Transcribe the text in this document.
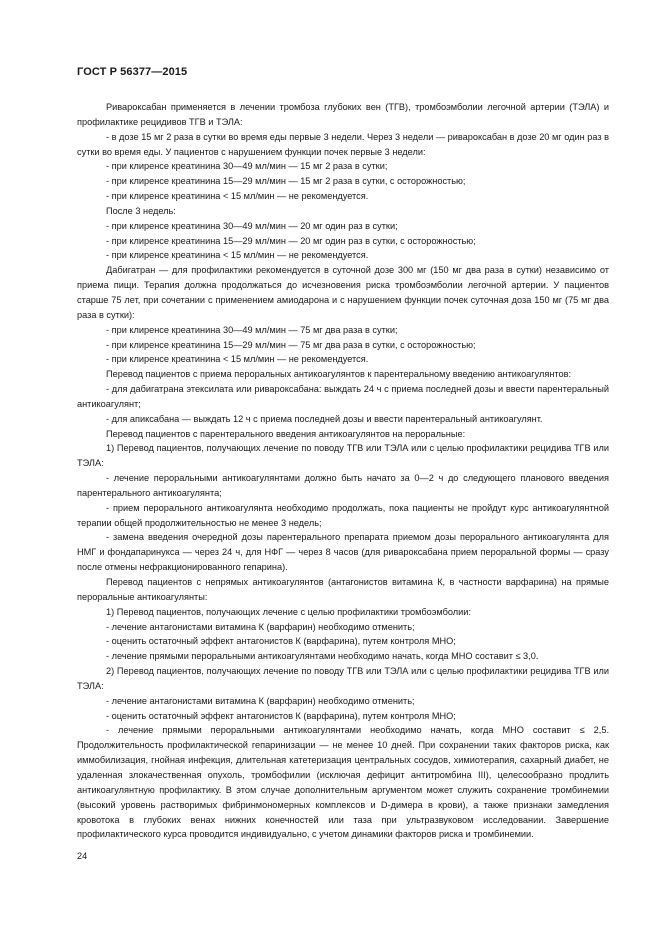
ГОСТ Р 56377—2015

Ривароксабан применяется в лечении тромбоза глубоких вен (ТГВ), тромбоэмболии легочной артерии (ТЭЛА) и профилактике рецидивов ТГВ и ТЭЛА:

- в дозе 15 мг 2 раза в сутки во время еды первые 3 недели. Через 3 недели — ривароксабан в дозе 20 мг один раз в сутки во время еды. У пациентов с нарушением функции почек первые 3 недели:

- при клиренсе креатинина 30—49 мл/мин — 15 мг 2 раза в сутки;

- при клиренсе креатинина 15—29 мл/мин — 15 мг 2 раза в сутки, с осторожностью;

- при клиренсе креатинина < 15 мл/мин — не рекомендуется.

После 3 недель:

- при клиренсе креатинина 30—49 мл/мин — 20 мг один раз в сутки;

- при клиренсе креатинина 15—29 мл/мин — 20 мг один раз в сутки, с осторожностью;

- при клиренсе креатинина < 15 мл/мин — не рекомендуется.

Дабигатран — для профилактики рекомендуется в суточной дозе 300 мг (150 мг два раза в сутки) независимо от приема пищи. Терапия должна продолжаться до исчезновения риска тромбоэмболии легочной артерии. У пациентов старше 75 лет, при сочетании с применением амиодарона и с нарушением функции почек суточная доза 150 мг (75 мг два раза в сутки):

- при клиренсе креатинина 30—49 мл/мин — 75 мг два раза в сутки;

- при клиренсе креатинина 15—29 мл/мин — 75 мг два раза в сутки, с осторожностью;

- при клиренсе креатинина < 15 мл/мин — не рекомендуется.

Перевод пациентов с приема пероральных антикоагулянтов к парентеральному введению антикоагулянтов:

- для дабигатрана этексилата или ривароксабана: выждать 24 ч с приема последней дозы и ввести парентеральный антикоагулянт;

- для апиксабана — выждать 12 ч с приема последней дозы и ввести парентеральный антикоагулянт.

Перевод пациентов с парентерального введения антикоагулянтов на пероральные:

1) Перевод пациентов, получающих лечение по поводу ТГВ или ТЭЛА или с целью профилактики рецидива ТГВ или ТЭЛА:

- лечение пероральными антикоагулянтами должно быть начато за 0—2 ч до следующего планового введения парентерального антикоагулянта;

- прием перорального антикоагулянта необходимо продолжать, пока пациенты не пройдут курс антикоагулянтной терапии общей продолжительностью не менее 3 недель;

- замена введения очередной дозы парентерального препарата приемом дозы перорального антикоагулянта для НМГ и фондапаринукса — через 24 ч, для НФГ — через 8 часов (для ривароксабана прием пероральной формы — сразу после отмены нефракционированного гепарина).

Перевод пациентов с непрямых антикоагулянтов (антагонистов витамина К, в частности варфарина) на прямые пероральные антикоагулянты:

1) Перевод пациентов, получающих лечение с целью профилактики тромбоэмболии:

- лечение антагонистами витамина К (варфарин) необходимо отменить;

- оценить остаточный эффект антагонистов К (варфарина), путем контроля МНО;

- лечение прямыми пероральными антикоагулянтами необходимо начать, когда МНО составит ≤ 3,0.

2) Перевод пациентов, получающих лечение по поводу ТГВ или ТЭЛА или с целью профилактики рецидива ТГВ или ТЭЛА:

- лечение антагонистами витамина К (варфарин) необходимо отменить;

- оценить остаточный эффект антагонистов К (варфарина), путем контроля МНО;

- лечение прямыми пероральными антикоагулянтами необходимо начать, когда МНО составит ≤ 2,5. Продолжительность профилактической гепаринизации — не менее 10 дней. При сохранении таких факторов риска, как иммобилизация, гнойная инфекция, длительная катетеризация центральных сосудов, химиотерапия, сахарный диабет, не удаленная злокачественная опухоль, тромбофилии (исключая дефицит антитромбина III), целесообразно продлить антикоагулянтную профилактику. В этом случае дополнительным аргументом может служить сохранение тромбинемии (высокий уровень растворимых фибринмономерных комплексов и D-димера в крови), а также признаки замедления кровотока в глубоких венах нижних конечностей или таза при ультразвуковом исследовании. Завершение профилактического курса проводится индивидуально, с учетом динамики факторов риска и тромбинемии.

24
